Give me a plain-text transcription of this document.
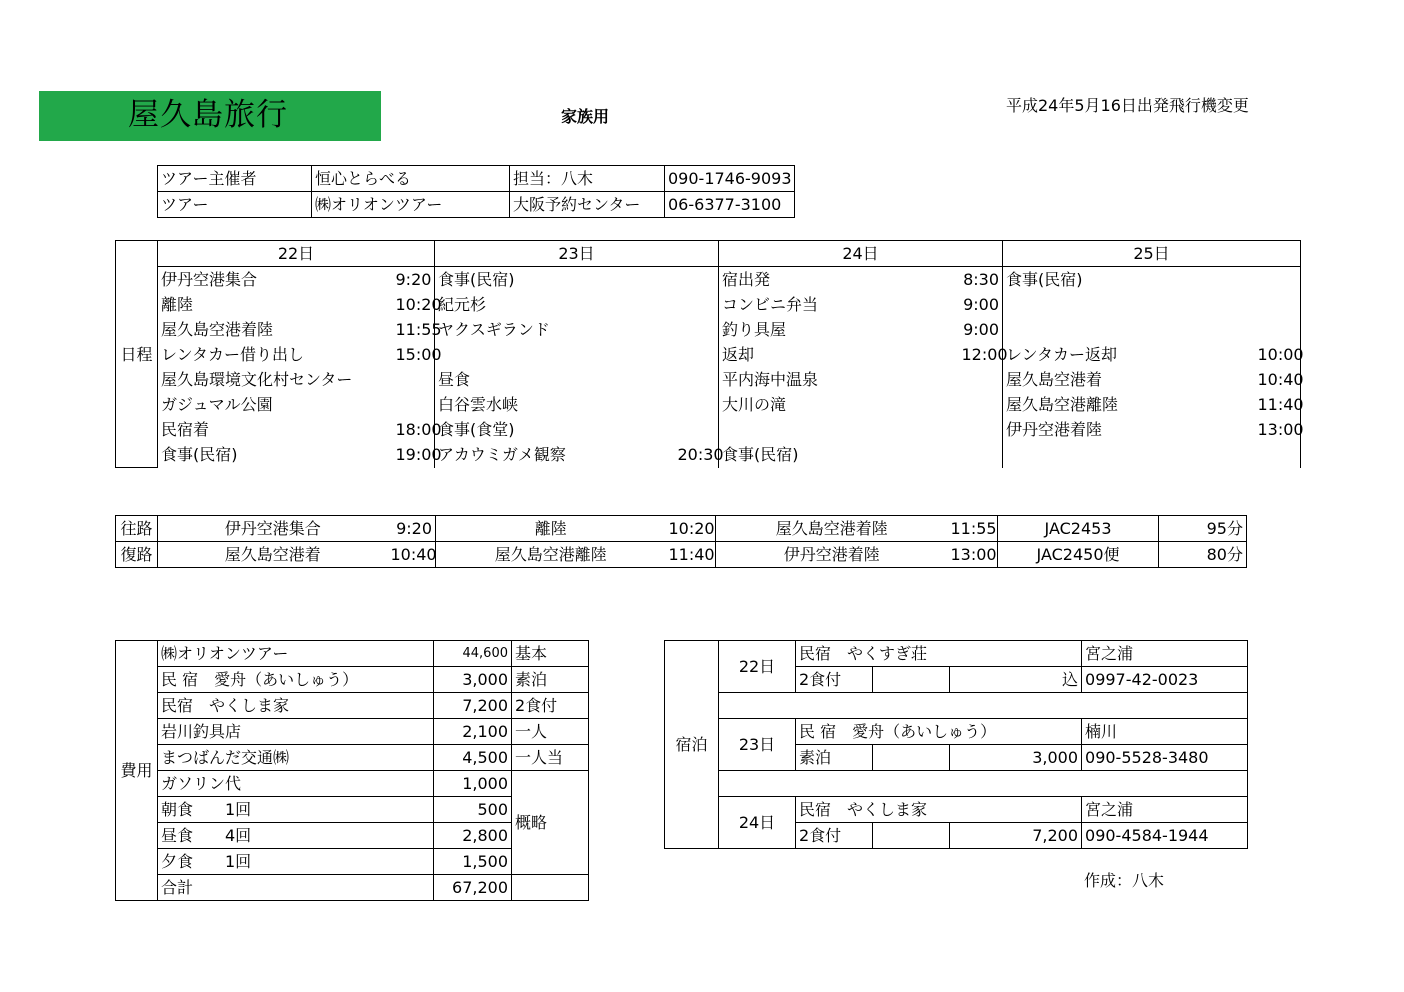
屋久島旅行	家族用
平成24年5月16日出発飛行機変更
ツアー主催者	恒心とらべる	担当：八木	090-1746-9093
ツアー	㈱オリオンツアー	大阪予約センター	06-6377-3100
	22日		23日		24日		25日	
	伊丹空港集合	9:20	食事(民宿)		宿出発	8:30	食事(民宿)	
	離陸	10:20	紀元杉		コンビニ弁当	9:00		
	屋久島空港着陸	11:55	ヤクスギランド		釣り具屋	9:00		
日程	レンタカー借り出し	15:00			返却	12:00	レンタカー返却	10:00
	屋久島環境文化村センター		昼食		平内海中温泉		屋久島空港着	10:40
	ガジュマル公園		白谷雲水峡		大川の滝		屋久島空港離陸	11:40
	民宿着	18:00	食事(食堂)				伊丹空港着陸	13:00
	食事(民宿)	19:00	アカウミガメ観察	20:30	食事(民宿)			
往路	伊丹空港集合	9:20	離陸	10:20	屋久島空港着陸	11:55	JAC2453	95分
復路	屋久島空港着	10:40	屋久島空港離陸	11:40	伊丹空港着陸	13:00	JAC2450便	80分
費用	㈱オリオンツアー	44,600	基本
	民 宿　愛舟（あいしゅう）	3,000	素泊
	民宿　やくしま家	7,200	2食付
	岩川釣具店	2,100	一人
	まつばんだ交通㈱	4,500	一人当
	ガソリン代	1,000	概略
	朝食　　1回	500	
	昼食　　4回	2,800	
	夕食　　1回	1,500	
	合計	67,200	
宿泊	22日	民宿　やくすぎ荘			宮之浦
		2食付		込	0997-42-0023

	23日	民 宿　愛舟（あいしゅう）			楠川
		素泊		3,000	090-5528-3480

	24日	民宿　やくしま家			宮之浦
		2食付		7,200	090-4584-1944
作成：八木
